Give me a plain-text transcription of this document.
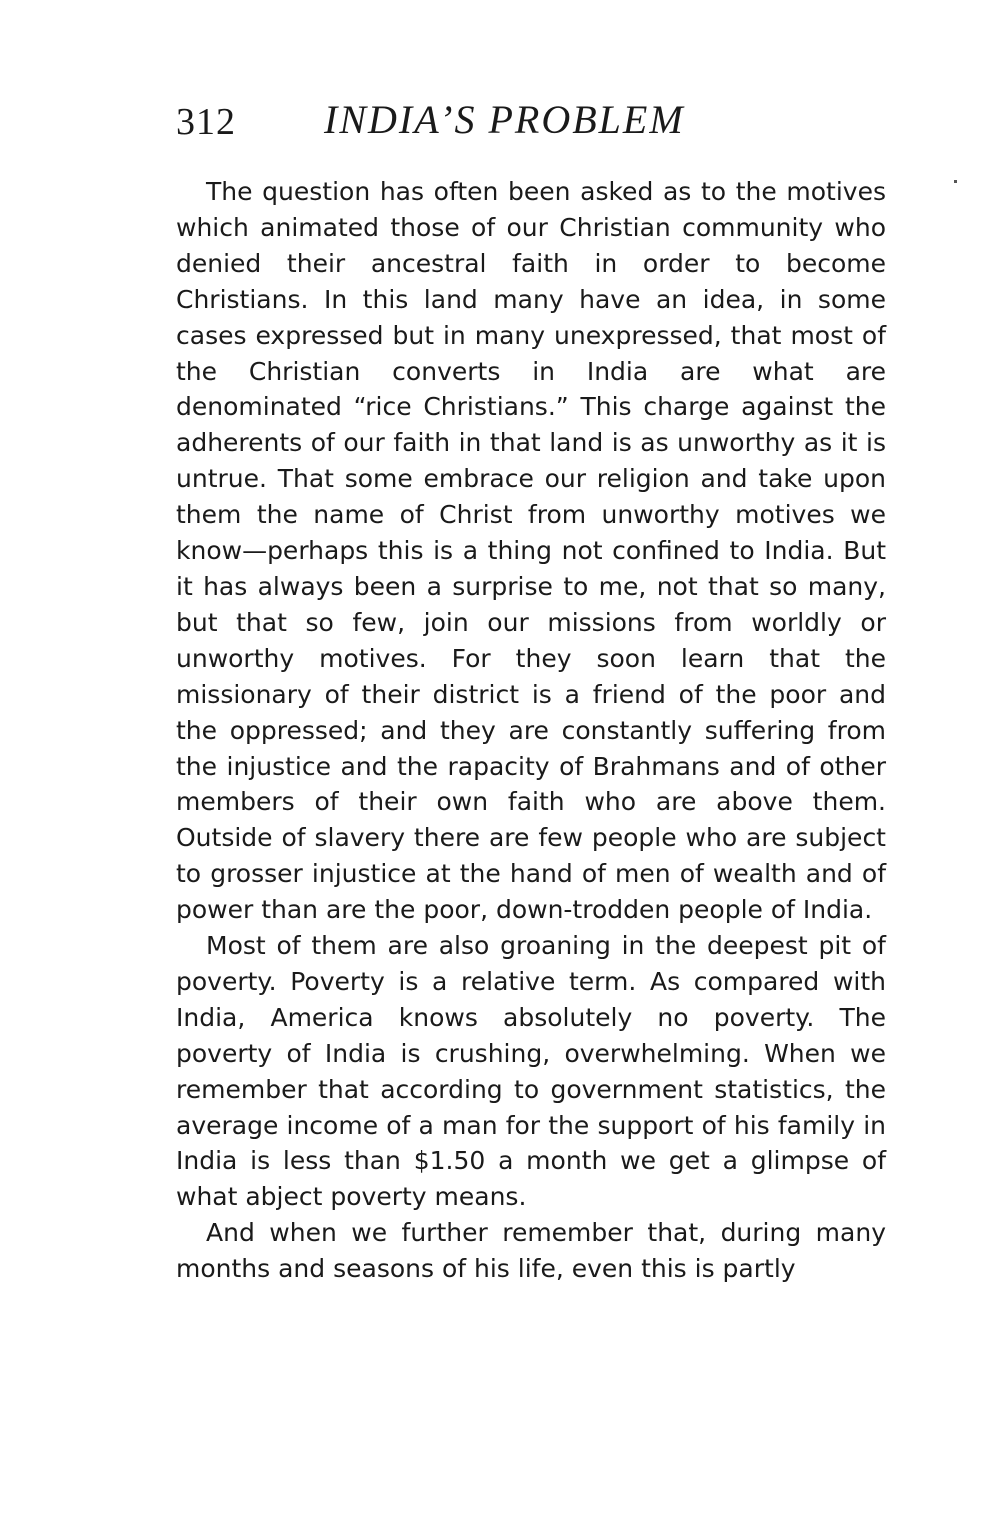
312 INDIA’S PROBLEM

The question has often been asked as to the motives which animated those of our Christian community who denied their ancestral faith in order to become Christians. In this land many have an idea, in some cases expressed but in many unexpressed, that most of the Christian converts in India are what are denominated “rice Christians.” This charge against the adherents of our faith in that land is as unworthy as it is untrue. That some embrace our religion and take upon them the name of Christ from unworthy motives we know—perhaps this is a thing not confined to India. But it has always been a surprise to me, not that so many, but that so few, join our missions from worldly or unworthy motives. For they soon learn that the missionary of their district is a friend of the poor and the oppressed; and they are constantly suffering from the injustice and the rapacity of Brahmans and of other members of their own faith who are above them. Outside of slavery there are few people who are subject to grosser injustice at the hand of men of wealth and of power than are the poor, down-trodden people of India.

Most of them are also groaning in the deepest pit of poverty. Poverty is a relative term. As compared with India, America knows absolutely no poverty. The poverty of India is crushing, overwhelming. When we remember that according to government statistics, the average income of a man for the support of his family in India is less than $1.50 a month we get a glimpse of what abject poverty means.

And when we further remember that, during many months and seasons of his life, even this is partly
